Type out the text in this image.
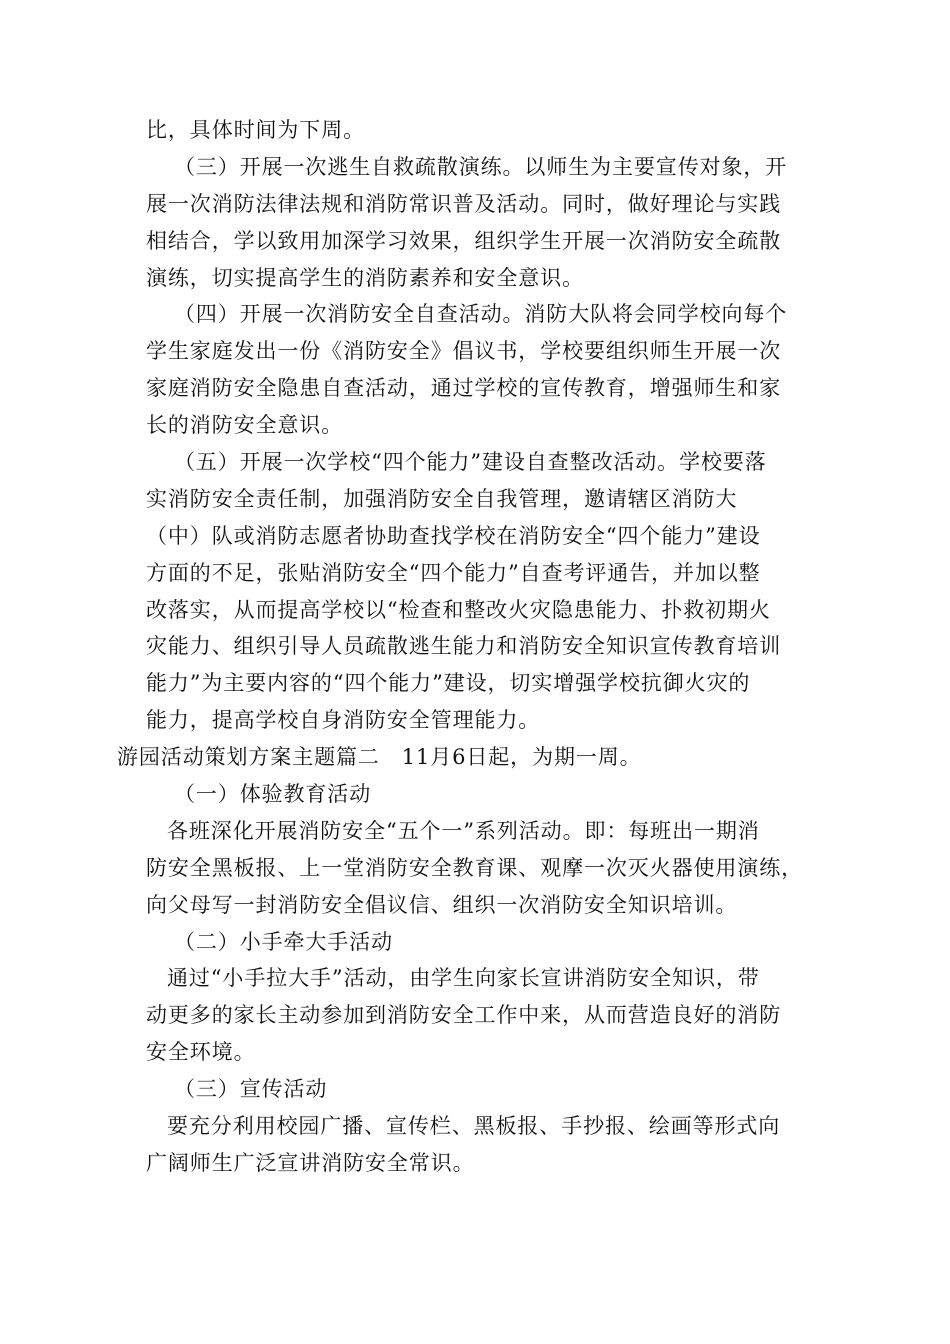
比，具体时间为下周。
（三）开展一次逃生自救疏散演练。以师生为主要宣传对象，开
展一次消防法律法规和消防常识普及活动。同时，做好理论与实践
相结合，学以致用加深学习效果，组织学生开展一次消防安全疏散
演练，切实提高学生的消防素养和安全意识。
（四）开展一次消防安全自查活动。消防大队将会同学校向每个
学生家庭发出一份《消防安全》倡议书，学校要组织师生开展一次
家庭消防安全隐患自查活动，通过学校的宣传教育，增强师生和家
长的消防安全意识。
（五）开展一次学校“四个能力”建设自查整改活动。学校要落
实消防安全责任制，加强消防安全自我管理，邀请辖区消防大
（中）队或消防志愿者协助查找学校在消防安全“四个能力”建设
方面的不足，张贴消防安全“四个能力”自查考评通告，并加以整
改落实，从而提高学校以“检查和整改火灾隐患能力、扑救初期火
灾能力、组织引导人员疏散逃生能力和消防安全知识宣传教育培训
能力”为主要内容的“四个能力”建设，切实增强学校抗御火灾的
能力，提高学校自身消防安全管理能力。
游园活动策划方案主题篇二　11月6日起，为期一周。
（一）体验教育活动
各班深化开展消防安全“五个一”系列活动。即：每班出一期消
防安全黑板报、上一堂消防安全教育课、观摩一次灭火器使用演练，
向父母写一封消防安全倡议信、组织一次消防安全知识培训。
（二）小手牵大手活动
通过“小手拉大手”活动，由学生向家长宣讲消防安全知识，带
动更多的家长主动参加到消防安全工作中来，从而营造良好的消防
安全环境。
（三）宣传活动
要充分利用校园广播、宣传栏、黑板报、手抄报、绘画等形式向
广阔师生广泛宣讲消防安全常识。
